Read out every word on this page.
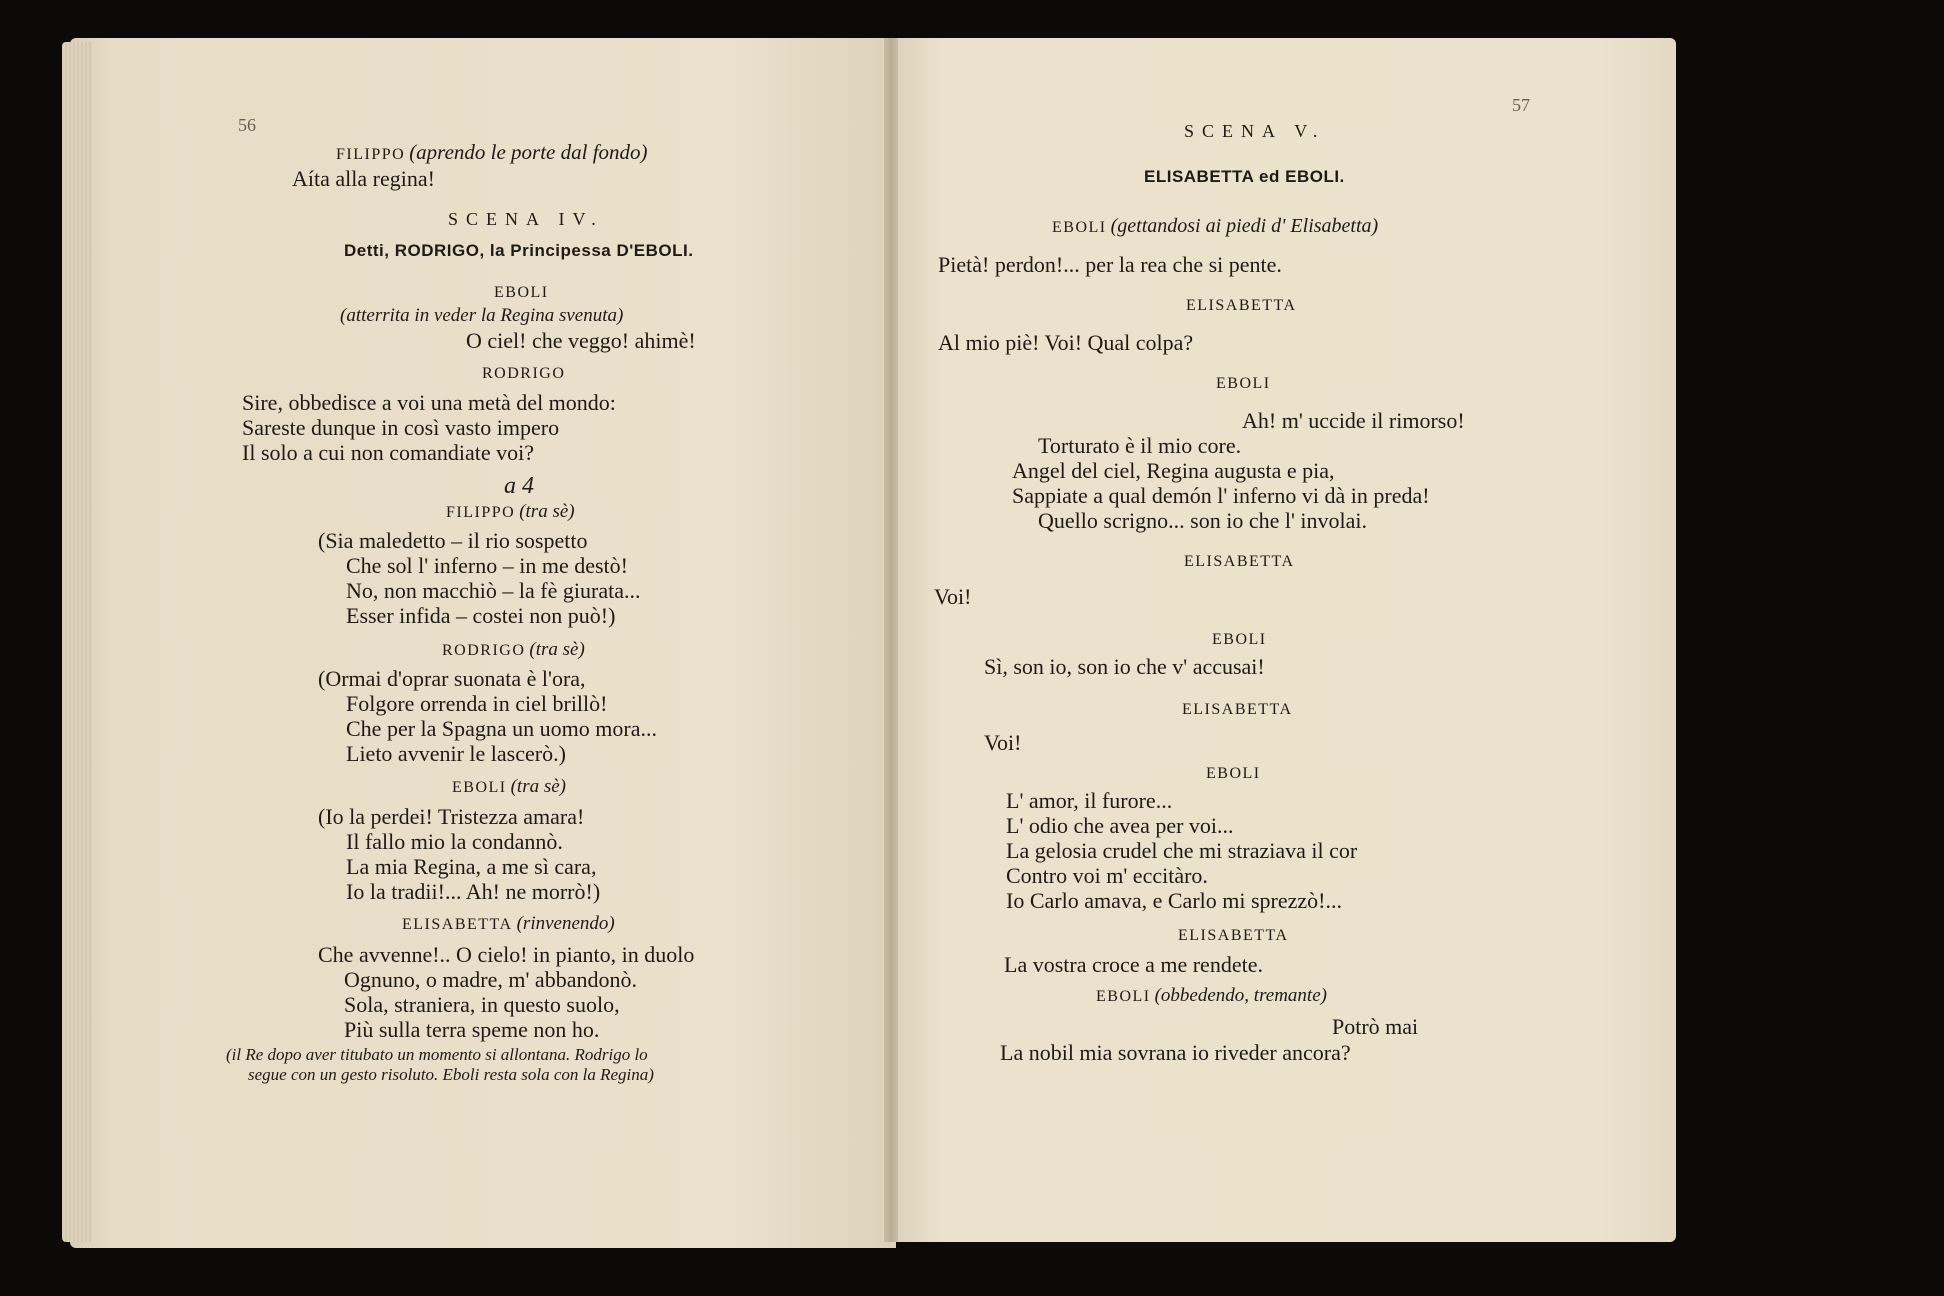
56
FILIPPO (aprendo le porte dal fondo)
Aíta alla regina!
SCENA IV.
Detti, RODRIGO, la Principessa D'EBOLI.
EBOLI
(atterrita in veder la Regina svenuta)
O ciel! che veggo! ahimè!
RODRIGO
Sire, obbedisce a voi una metà del mondo:
Sareste dunque in così vasto impero
Il solo a cui non comandiate voi?
a 4
FILIPPO (tra sè)
(Sia maledetto – il rio sospetto
Che sol l' inferno – in me destò!
No, non macchiò – la fè giurata...
Esser infida – costei non può!)
RODRIGO (tra sè)
(Ormai d'oprar suonata è l'ora,
Folgore orrenda in ciel brillò!
Che per la Spagna un uomo mora...
Lieto avvenir le lascerò.)
EBOLI (tra sè)
(Io la perdei! Tristezza amara!
Il fallo mio la condannò.
La mia Regina, a me sì cara,
Io la tradii!... Ah! ne morrò!)
ELISABETTA (rinvenendo)
Che avvenne!.. O cielo! in pianto, in duolo
Ognuno, o madre, m' abbandonò.
Sola, straniera, in questo suolo,
Più sulla terra speme non ho.
(il Re dopo aver titubato un momento si allontana. Rodrigo lo
segue con un gesto risoluto. Eboli resta sola con la Regina)
57
SCENA V.
ELISABETTA ed EBOLI.
EBOLI (gettandosi ai piedi d' Elisabetta)
Pietà! perdon!... per la rea che si pente.
ELISABETTA
Al mio piè! Voi! Qual colpa?
EBOLI
Ah! m' uccide il rimorso!
Torturato è il mio core.
Angel del ciel, Regina augusta e pia,
Sappiate a qual demón l' inferno vi dà in preda!
Quello scrigno... son io che l' involai.
ELISABETTA
Voi!
EBOLI
Sì, son io, son io che v' accusai!
ELISABETTA
Voi!
EBOLI
L' amor, il furore...
L' odio che avea per voi...
La gelosia crudel che mi straziava il cor
Contro voi m' eccitàro.
Io Carlo amava, e Carlo mi sprezzò!...
ELISABETTA
La vostra croce a me rendete.
EBOLI (obbedendo, tremante)
Potrò mai
La nobil mia sovrana io riveder ancora?
